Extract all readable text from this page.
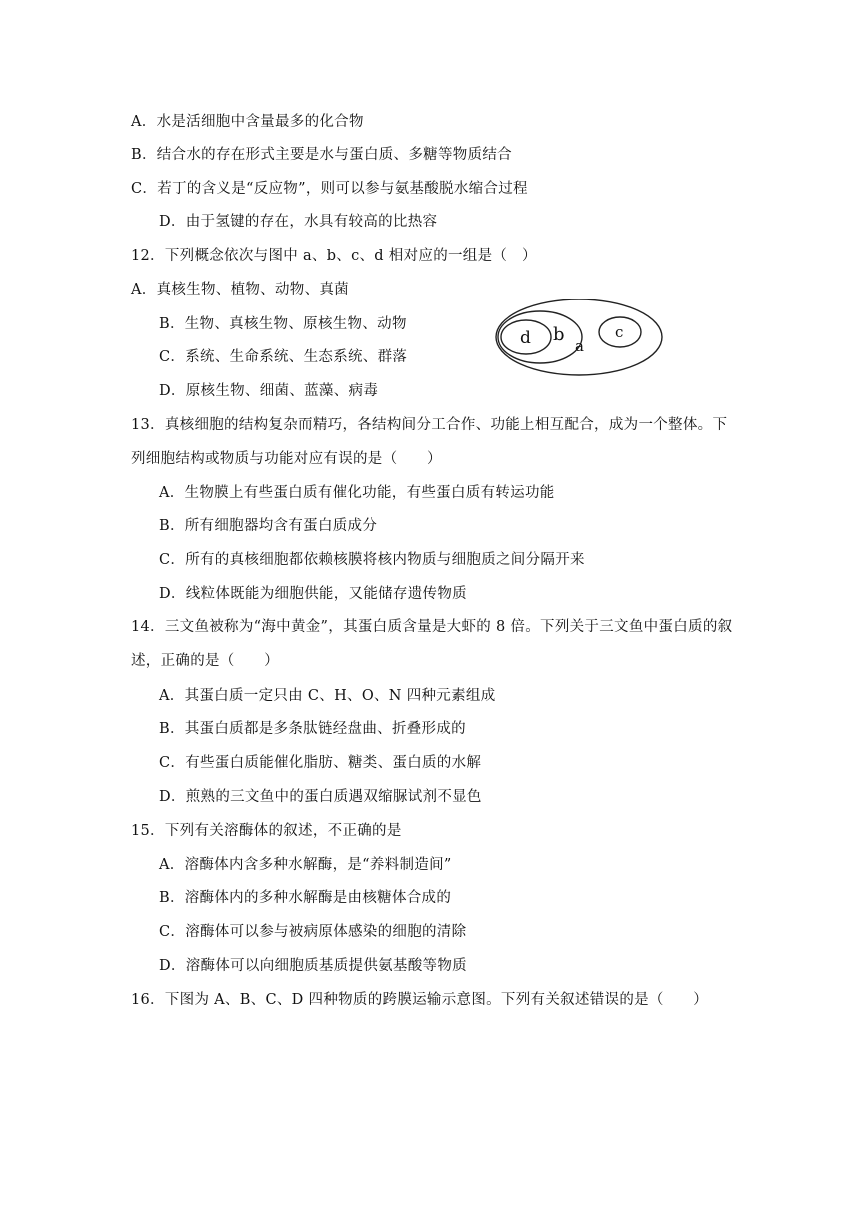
A．水是活细胞中含量最多的化合物
B．结合水的存在形式主要是水与蛋白质、多糖等物质结合
C．若丁的含义是“反应物”，则可以参与氨基酸脱水缩合过程
D．由于氢键的存在，水具有较高的比热容
12．下列概念依次与图中 a、b、c、d 相对应的一组是（　）
A．真核生物、植物、动物、真菌
B．生物、真核生物、原核生物、动物
C．系统、生命系统、生态系统、群落
D．原核生物、细菌、蓝藻、病毒
d b
a
c
13．真核细胞的结构复杂而精巧，各结构间分工合作、功能上相互配合，成为一个整体。下
列细胞结构或物质与功能对应有误的是（　　）
A．生物膜上有些蛋白质有催化功能，有些蛋白质有转运功能
B．所有细胞器均含有蛋白质成分
C．所有的真核细胞都依赖核膜将核内物质与细胞质之间分隔开来
D．线粒体既能为细胞供能，又能储存遗传物质
14．三文鱼被称为“海中黄金”，其蛋白质含量是大虾的 8 倍。下列关于三文鱼中蛋白质的叙
述，正确的是（　　）
A．其蛋白质一定只由 C、H、O、N 四种元素组成
B．其蛋白质都是多条肽链经盘曲、折叠形成的
C．有些蛋白质能催化脂肪、糖类、蛋白质的水解
D．煎熟的三文鱼中的蛋白质遇双缩脲试剂不显色
15．下列有关溶酶体的叙述，不正确的是
A．溶酶体内含多种水解酶，是“养料制造间”
B．溶酶体内的多种水解酶是由核糖体合成的
C．溶酶体可以参与被病原体感染的细胞的清除
D．溶酶体可以向细胞质基质提供氨基酸等物质
16．下图为 A、B、C、D 四种物质的跨膜运输示意图。下列有关叙述错误的是（　　）
